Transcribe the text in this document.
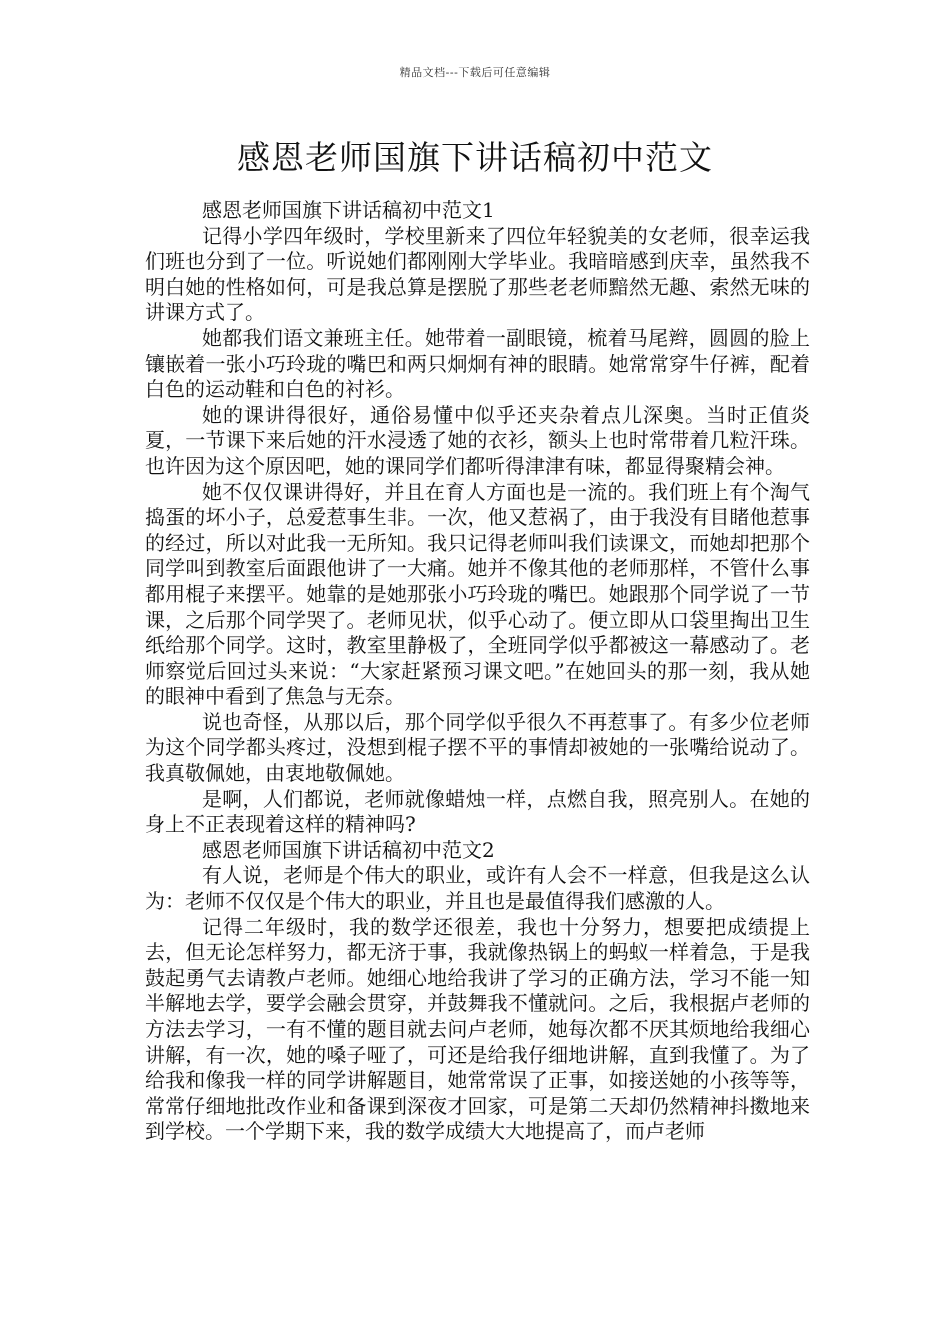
精品文档---下载后可任意编辑
感恩老师国旗下讲话稿初中范文

感恩老师国旗下讲话稿初中范文1

记得小学四年级时，学校里新来了四位年轻貌美的女老师，很幸运我们班也分到了一位。听说她们都刚刚大学毕业。我暗暗感到庆幸，虽然我不明白她的性格如何，可是我总算是摆脱了那些老老师黯然无趣、索然无味的讲课方式了。

她都我们语文兼班主任。她带着一副眼镜，梳着马尾辫，圆圆的脸上镶嵌着一张小巧玲珑的嘴巴和两只炯炯有神的眼睛。她常常穿牛仔裤，配着白色的运动鞋和白色的衬衫。

她的课讲得很好，通俗易懂中似乎还夹杂着点儿深奥。当时正值炎夏，一节课下来后她的汗水浸透了她的衣衫，额头上也时常带着几粒汗珠。也许因为这个原因吧，她的课同学们都听得津津有味，都显得聚精会神。

她不仅仅课讲得好，并且在育人方面也是一流的。我们班上有个淘气捣蛋的坏小子，总爱惹事生非。一次，他又惹祸了，由于我没有目睹他惹事的经过，所以对此我一无所知。我只记得老师叫我们读课文，而她却把那个同学叫到教室后面跟他讲了一大痛。她并不像其他的老师那样，不管什么事都用棍子来摆平。她靠的是她那张小巧玲珑的嘴巴。她跟那个同学说了一节课，之后那个同学哭了。老师见状，似乎心动了。便立即从口袋里掏出卫生纸给那个同学。这时，教室里静极了，全班同学似乎都被这一幕感动了。老师察觉后回过头来说：“大家赶紧预习课文吧。”在她回头的那一刻，我从她的眼神中看到了焦急与无奈。

说也奇怪，从那以后，那个同学似乎很久不再惹事了。有多少位老师为这个同学都头疼过，没想到棍子摆不平的事情却被她的一张嘴给说动了。我真敬佩她，由衷地敬佩她。

是啊，人们都说，老师就像蜡烛一样，点燃自我，照亮别人。在她的身上不正表现着这样的精神吗?

感恩老师国旗下讲话稿初中范文2

有人说，老师是个伟大的职业，或许有人会不一样意，但我是这么认为：老师不仅仅是个伟大的职业，并且也是最值得我们感激的人。

记得二年级时，我的数学还很差，我也十分努力，想要把成绩提上去，但无论怎样努力，都无济于事，我就像热锅上的蚂蚁一样着急，于是我鼓起勇气去请教卢老师。她细心地给我讲了学习的正确方法，学习不能一知半解地去学，要学会融会贯穿，并鼓舞我不懂就问。之后，我根据卢老师的方法去学习，一有不懂的题目就去问卢老师，她每次都不厌其烦地给我细心讲解，有一次，她的嗓子哑了，可还是给我仔细地讲解，直到我懂了。为了给我和像我一样的同学讲解题目，她常常误了正事，如接送她的小孩等等，常常仔细地批改作业和备课到深夜才回家，可是第二天却仍然精神抖擞地来到学校。一个学期下来，我的数学成绩大大地提高了，而卢老师
